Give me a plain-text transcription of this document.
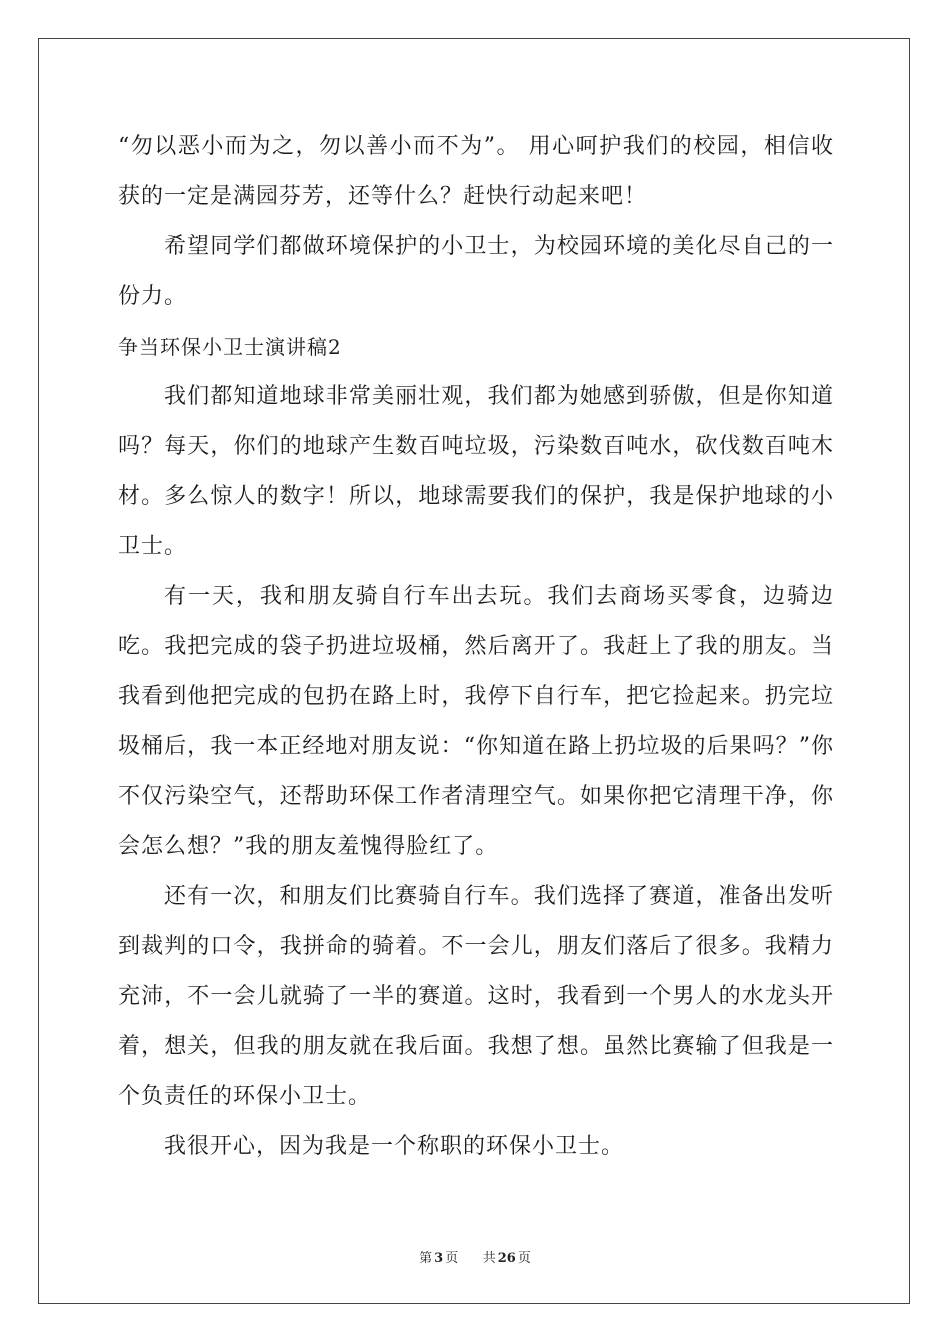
“勿以恶小而为之，勿以善小而不为”。 用心呵护我们的校园，相信收获的一定是满园芬芳，还等什么？赶快行动起来吧！

希望同学们都做环境保护的小卫士，为校园环境的美化尽自己的一份力。

争当环保小卫士演讲稿2

我们都知道地球非常美丽壮观，我们都为她感到骄傲，但是你知道吗？每天，你们的地球产生数百吨垃圾，污染数百吨水，砍伐数百吨木材。多么惊人的数字！所以，地球需要我们的保护，我是保护地球的小卫士。

有一天，我和朋友骑自行车出去玩。我们去商场买零食，边骑边吃。我把完成的袋子扔进垃圾桶，然后离开了。我赶上了我的朋友。当我看到他把完成的包扔在路上时，我停下自行车，把它捡起来。扔完垃圾桶后，我一本正经地对朋友说：“你知道在路上扔垃圾的后果吗？”你不仅污染空气，还帮助环保工作者清理空气。如果你把它清理干净，你会怎么想？”我的朋友羞愧得脸红了。

还有一次，和朋友们比赛骑自行车。我们选择了赛道，准备出发听到裁判的口令，我拼命的骑着。不一会儿，朋友们落后了很多。我精力充沛，不一会儿就骑了一半的赛道。这时，我看到一个男人的水龙头开着，想关，但我的朋友就在我后面。我想了想。虽然比赛输了但我是一个负责任的环保小卫士。

我很开心，因为我是一个称职的环保小卫士。

第 3 页 共 26 页
